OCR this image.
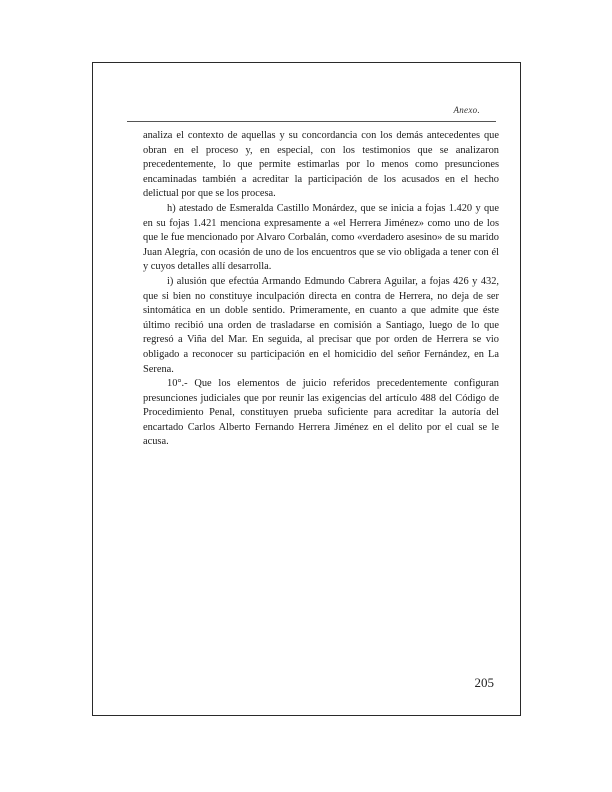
Anexo.

analiza el contexto de aquellas y su concordancia con los demás antecedentes que obran en el proceso y, en especial, con los testimonios que se analizaron precedentemente, lo que permite estimarlas por lo menos como presunciones encaminadas también a acreditar la participación de los acusados en el hecho delictual por que se los procesa.

h) atestado de Esmeralda Castillo Monárdez, que se inicia a fojas 1.420 y que en su fojas 1.421 menciona expresamente a «el Herrera Jiménez» como uno de los que le fue mencionado por Alvaro Corbalán, como «verdadero asesino» de su marido Juan Alegría, con ocasión de uno de los encuentros que se vio obligada a tener con él y cuyos detalles allí desarrolla.

i) alusión que efectúa Armando Edmundo Cabrera Aguilar, a fojas 426 y 432, que si bien no constituye inculpación directa en contra de Herrera, no deja de ser sintomática en un doble sentido. Primeramente, en cuanto a que admite que éste último recibió una orden de trasladarse en comisión a Santiago, luego de lo que regresó a Viña del Mar. En seguida, al precisar que por orden de Herrera se vio obligado a reconocer su participación en el homicidio del señor Fernández, en La Serena.

10°.- Que los elementos de juicio referidos precedentemente configuran presunciones judiciales que por reunir las exigencias del artículo 488 del Código de Procedimiento Penal, constituyen prueba suficiente para acreditar la autoría del encartado Carlos Alberto Fernando Herrera Jiménez en el delito por el cual se le acusa.

205
